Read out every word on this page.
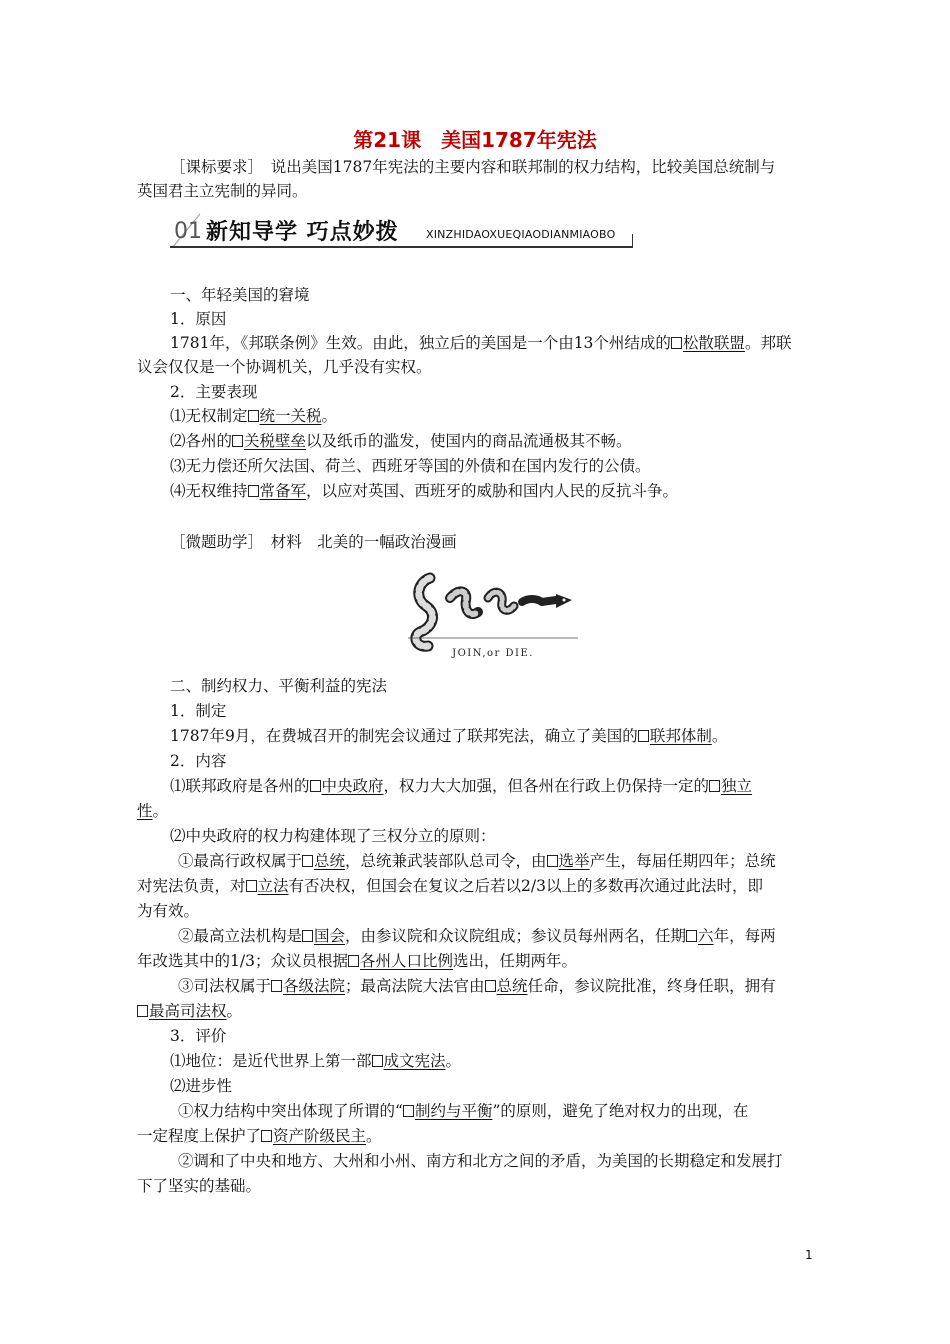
第21课　美国1787年宪法
［课标要求］　说出美国1787年宪法的主要内容和联邦制的权力结构，比较美国总统制与
英国君主立宪制的异同。
01 新知导学 巧点妙拨 XINZHIDAOXUEQIAODIANMIAOBO
一、年轻美国的窘境
1．原因
1781年，《邦联条例》生效。由此，独立后的美国是一个由13个州结成的 松散联盟。邦联
议会仅仅是一个协调机关，几乎没有实权。
2．主要表现
⑴无权制定 统一关税。
⑵各州的 关税壁垒以及纸币的滥发，使国内的商品流通极其不畅。
⑶无力偿还所欠法国、荷兰、西班牙等国的外债和在国内发行的公债。
⑷无权维持 常备军，以应对英国、西班牙的威胁和国内人民的反抗斗争。
［微题助学］　材料　北美的一幅政治漫画
JOIN,or DIE.
二、制约权力、平衡利益的宪法
1．制定
1787年9月，在费城召开的制宪会议通过了联邦宪法，确立了美国的 联邦体制。
2．内容
⑴联邦政府是各州的 中央政府，权力大大加强，但各州在行政上仍保持一定的 独立
性。
⑵中央政府的权力构建体现了三权分立的原则：
①最高行政权属于 总统，总统兼武装部队总司令，由 选举产生，每届任期四年；总统
对宪法负责，对 立法有否决权，但国会在复议之后若以2/3以上的多数再次通过此法时，即
为有效。
②最高立法机构是 国会，由参议院和众议院组成；参议员每州两名，任期 六年，每两
年改选其中的1/3；众议员根据 各州人口比例选出，任期两年。
③司法权属于 各级法院；最高法院大法官由 总统任命，参议院批准，终身任职，拥有
最高司法权。
3．评价
⑴地位：是近代世界上第一部 成文宪法。
⑵进步性
①权力结构中突出体现了所谓的“ 制约与平衡”的原则，避免了绝对权力的出现，在
一定程度上保护了 资产阶级民主。
②调和了中央和地方、大州和小州、南方和北方之间的矛盾，为美国的长期稳定和发展打
下了坚实的基础。
1
